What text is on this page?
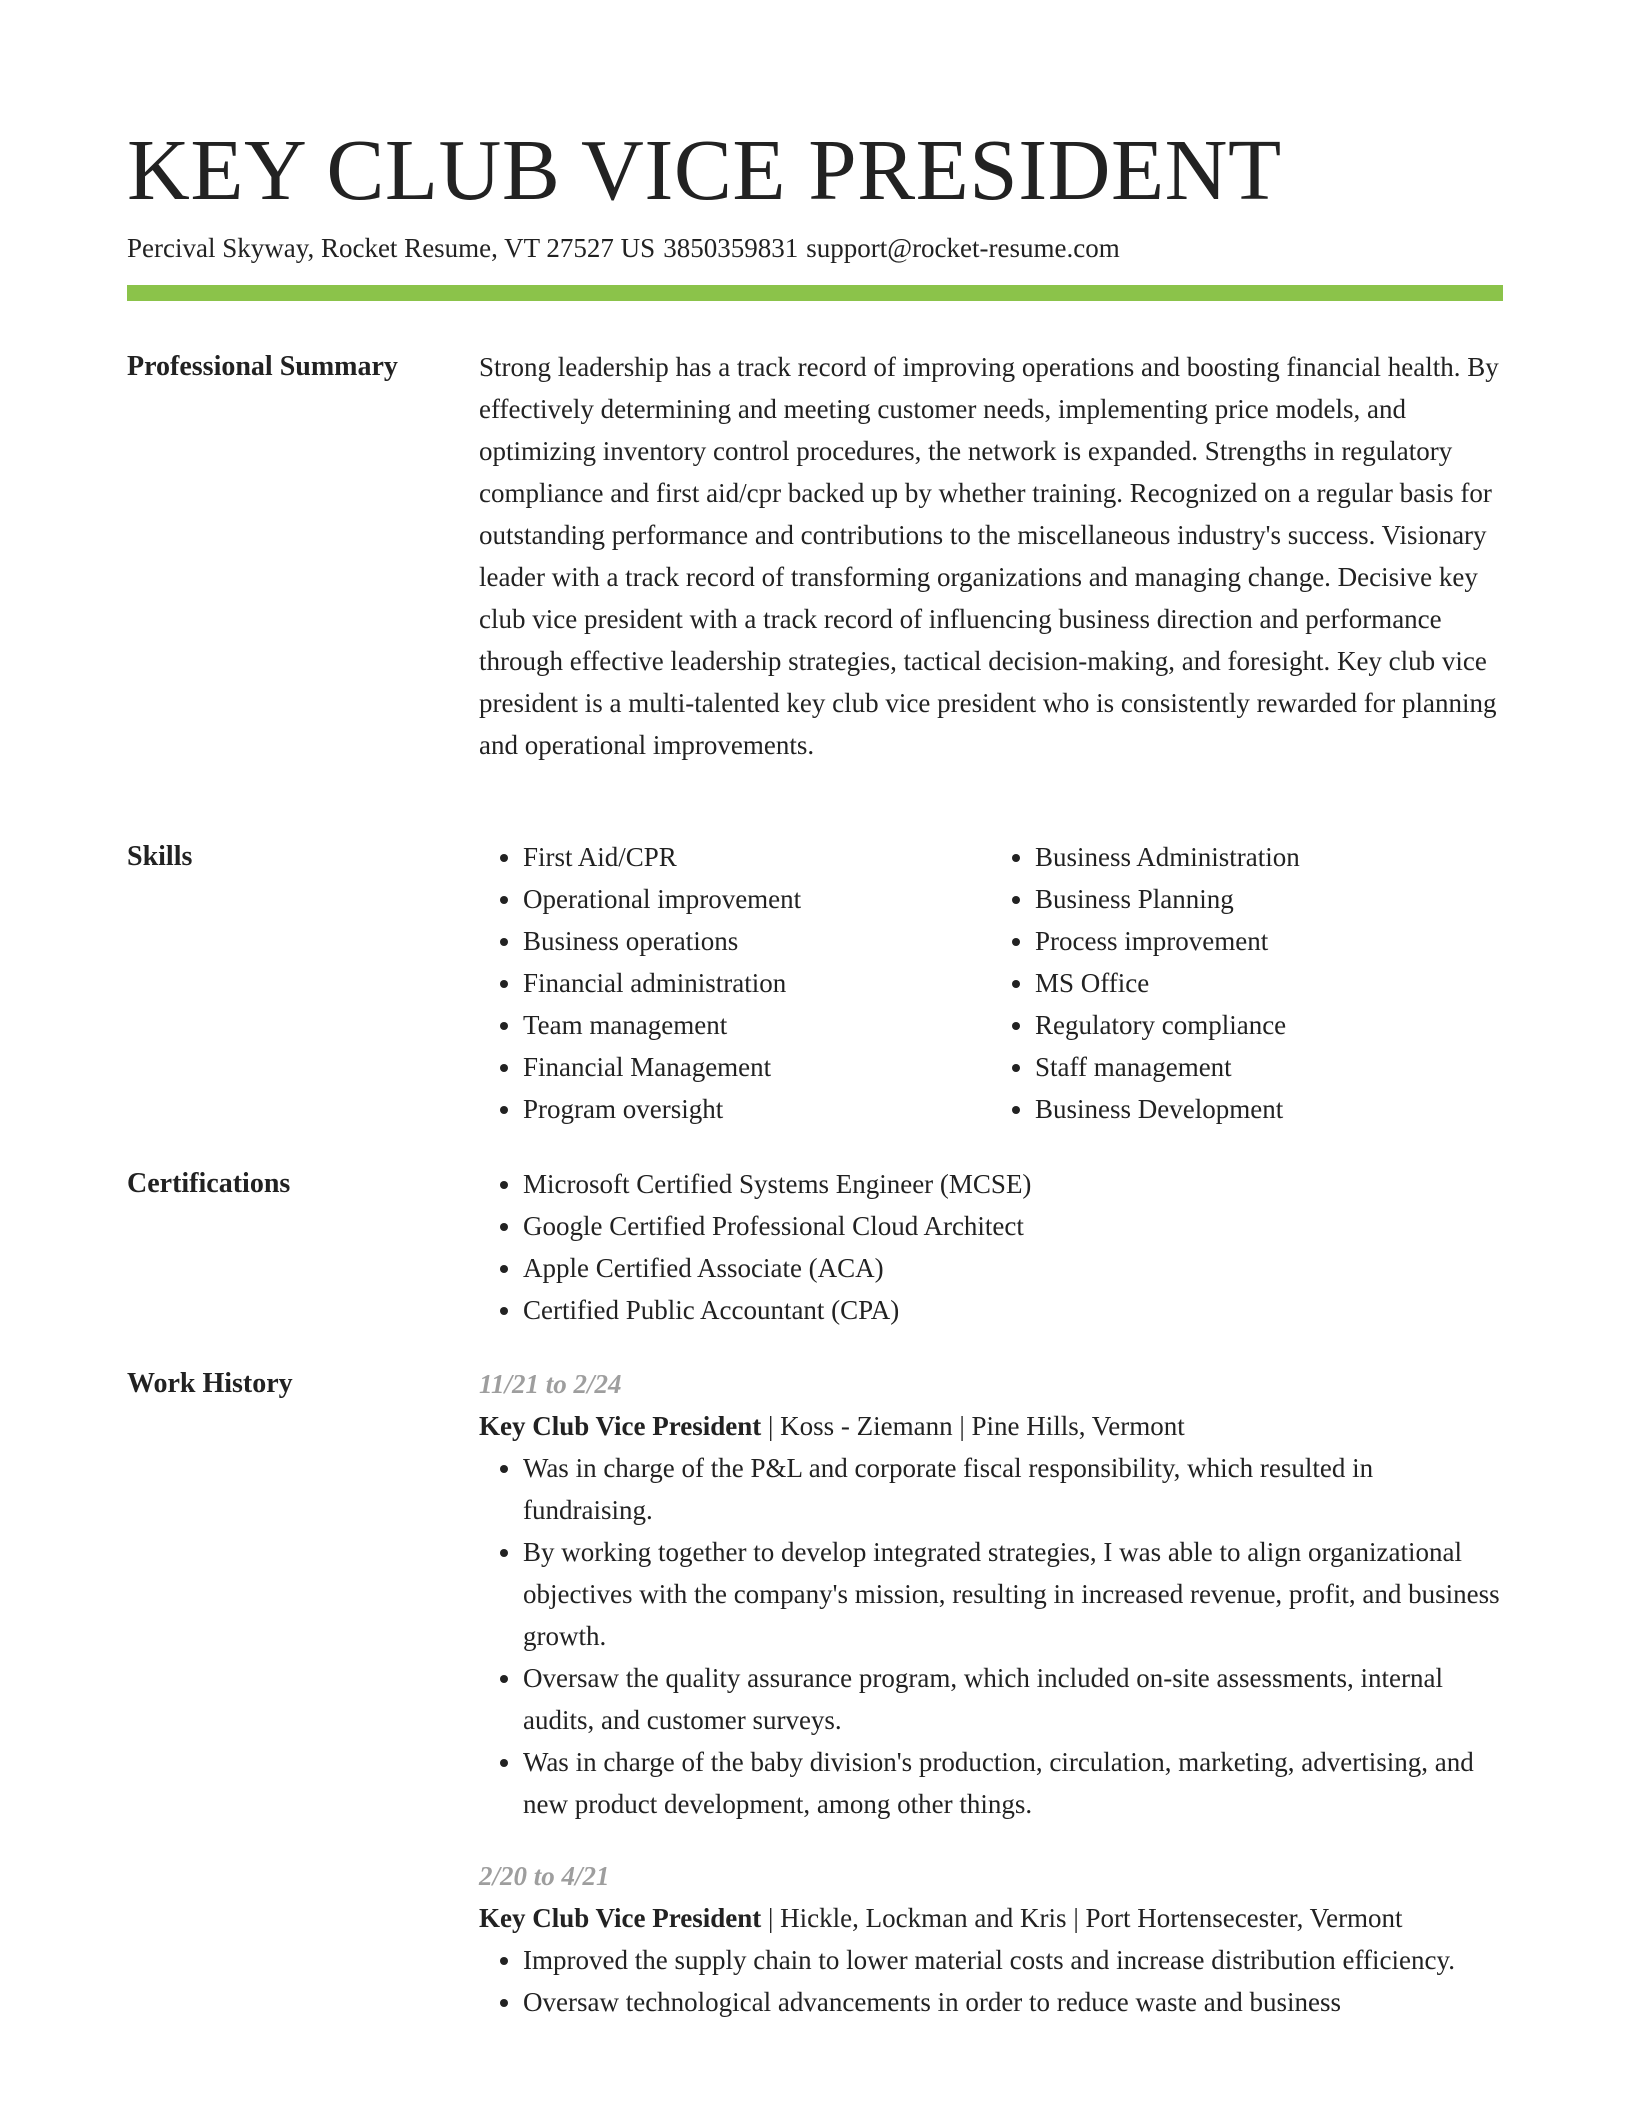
KEY CLUB VICE PRESIDENT
Percival Skyway, Rocket Resume, VT 27527 US 3850359831 support@rocket-resume.com
Professional Summary	Strong leadership has a track record of improving operations and boosting financial health. By effectively determining and meeting customer needs, implementing price models, and optimizing inventory control procedures, the network is expanded. Strengths in regulatory compliance and first aid/cpr backed up by whether training. Recognized on a regular basis for outstanding performance and contributions to the miscellaneous industry's success. Visionary leader with a track record of transforming organizations and managing change. Decisive key club vice president with a track record of influencing business direction and performance through effective leadership strategies, tactical decision-making, and foresight. Key club vice president is a multi-talented key club vice president who is consistently rewarded for planning and operational improvements.

Skills	• First Aid/CPR
• Operational improvement
• Business operations
• Financial administration
• Team management
• Financial Management
• Program oversight
• Business Administration
• Business Planning
• Process improvement
• MS Office
• Regulatory compliance
• Staff management
• Business Development
Certifications	• Microsoft Certified Systems Engineer (MCSE)
• Google Certified Professional Cloud Architect
• Apple Certified Associate (ACA)
• Certified Public Accountant (CPA)
Work History	11/21 to 2/24
Key Club Vice President | Koss - Ziemann | Pine Hills, Vermont
• Was in charge of the P&L and corporate fiscal responsibility, which resulted in fundraising.
• By working together to develop integrated strategies, I was able to align organizational objectives with the company's mission, resulting in increased revenue, profit, and business growth.
• Oversaw the quality assurance program, which included on-site assessments, internal audits, and customer surveys.
• Was in charge of the baby division's production, circulation, marketing, advertising, and new product development, among other things.
2/20 to 4/21
Key Club Vice President | Hickle, Lockman and Kris | Port Hortensecester, Vermont
• Improved the supply chain to lower material costs and increase distribution efficiency.
• Oversaw technological advancements in order to reduce waste and business
